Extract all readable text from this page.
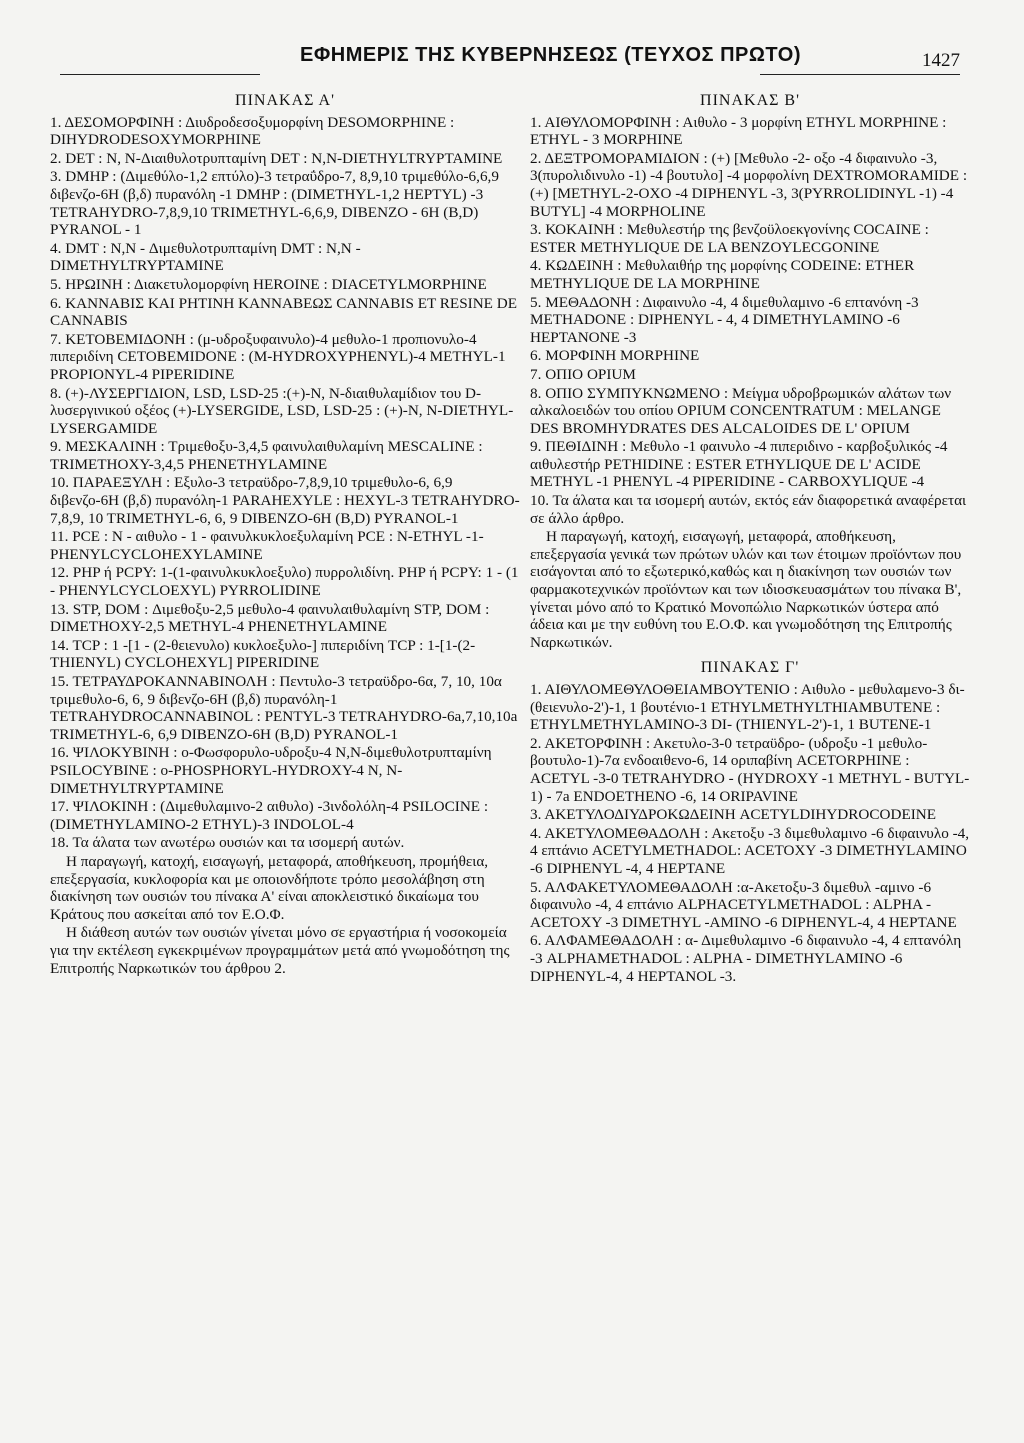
ΕΦΗΜΕΡΙΣ ΤΗΣ ΚΥΒΕΡΝΗΣΕΩΣ (ΤΕΥΧΟΣ ΠΡΩΤΟ)	1427
ΠΙΝΑΚΑΣ Α'

1. ΔΕΣΟΜΟΡΦΙΝΗ : Διυδροδεσοξυμορφίνη DESOMORPHINE : DIHYDRODESOXYMORPHINE

2. DET : N, N-Διαιθυλοτρυπταμίνη DET : N,N-DIETHYLTRYPTAMINE

3. DMHP : (Διμεθύλο-1,2 επτύλο)-3 τετραΰδρο-7, 8,9,10 τριμεθύλο-6,6,9 διβενζο-6Η (β,δ) πυρανόλη -1 DMHP : (DIMETHYL-1,2 HEPTYL) -3 TETRAHYDRO-7,8,9,10 TRIMETHYL-6,6,9, DIBENZO - 6H (B,D) PYRANOL - 1

4. DMT : N,N - Διμεθυλοτρυπταμίνη DMT : N,N - DIMETHYLTRYPTAMINE

5. ΗΡΩΙΝΗ : Διακετυλομορφίνη HEROINE : DIACETYLMORPHINE

6. ΚΑΝΝΑΒΙΣ ΚΑΙ ΡΗΤΙΝΗ ΚΑΝΝΑΒΕΩΣ CANNABIS ET RESINE DE CANNABIS

7. ΚΕΤΟΒΕΜΙΔΟΝΗ : (μ-υδροξυφαινυλο)-4 μεθυλο-1 προπιονυλο-4 πιπεριδίνη CETOBEMIDONE : (M-HYDROXYPHENYL)-4 METHYL-1 PROPIONYL-4 PIPERIDINE

8. (+)-ΛΥΣΕΡΓΙΔΙΟΝ, LSD, LSD-25 :(+)-N, N-διαιθυλαμίδιον του D-λυσεργινικού οξέος (+)-LYSERGIDE, LSD, LSD-25 : (+)-N, N-DIETHYL-LYSERGAMIDE

9. ΜΕΣΚΑΛΙΝΗ : Τριμεθοξυ-3,4,5 φαινυλαιθυλαμίνη MESCALINE : TRIMETHOXY-3,4,5 PHENETHYLAMINE

10. ΠΑΡΑΕΞΥΛΗ : Εξυλο-3 τετραϋδρο-7,8,9,10 τριμεθυλο-6, 6,9 διβενζο-6Η (β,δ) πυρανόλη-1 PARAHEXYLE : HEXYL-3 TETRAHYDRO-7,8,9, 10 TRIMETHYL-6, 6, 9 DIBENZO-6H (B,D) PYRANOL-1

11. PCE : N - αιθυλο - 1 - φαινυλκυκλοεξυλαμίνη PCE : N-ETHYL -1- PHENYLCYCLOHEXYLAMINE

12. PHP ή PCPY: 1-(1-φαινυλκυκλοεξυλο) πυρρολιδίνη. PHP ή PCPY: 1 - (1 - PHENYLCYCLOEXYL) PYRROLIDINE

13. STP, DOM : Διμεθοξυ-2,5 μεθυλο-4 φαινυλαιθυλαμίνη STP, DOM : DIMETHOXY-2,5 METHYL-4 PHENETHYLAMINE

14. TCP : 1 -[1 - (2-θειενυλο) κυκλοεξυλο-] πιπεριδίνη TCP : 1-[1-(2-THIENYL) CYCLOHEXYL] PIPERIDINE

15. ΤΕΤΡΑΥΔΡΟΚΑΝΝΑΒΙΝΟΛΗ : Πεντυλο-3 τετραϋδρο-6α, 7, 10, 10α τριμεθυλο-6, 6, 9 διβενζο-6Η (β,δ) πυρανόλη-1 TETRAHYDROCANNABINOL : PENTYL-3 TETRAHYDRO-6a,7,10,10a TRIMETHYL-6, 6,9 DIBENZO-6H (B,D) PYRANOL-1

16. ΨΙΛΟΚΥΒΙΝΗ : ο-Φωσφορυλο-υδροξυ-4 N,N-διμεθυλοτρυπταμίνη PSILOCYBINE : o-PHOSPHORYL-HYDROXY-4 N, N-DIMETHYLTRYPTAMINE

17. ΨΙΛΟΚΙΝΗ : (Διμεθυλαμινο-2 αιθυλο) -3ινδολόλη-4 PSILOCINE : (DIMETHYLAMINO-2 ETHYL)-3 INDOLOL-4

18. Τα άλατα των ανωτέρω ουσιών και τα ισομερή αυτών.

Η παραγωγή, κατοχή, εισαγωγή, μεταφορά, αποθήκευση, προμήθεια, επεξεργασία, κυκλοφορία και με οποιονδήποτε τρόπο μεσολάβηση στη διακίνηση των ουσιών του πίνακα Α' είναι αποκλειστικό δικαίωμα του Κράτους που ασκείται από τον Ε.Ο.Φ.

Η διάθεση αυτών των ουσιών γίνεται μόνο σε εργαστήρια ή νοσοκομεία για την εκτέλεση εγκεκριμένων προγραμμάτων μετά από γνωμοδότηση της Επιτροπής Ναρκωτικών του άρθρου 2.

ΠΙΝΑΚΑΣ Β'

1. ΑΙΘΥΛΟΜΟΡΦΙΝΗ : Αιθυλο - 3 μορφίνη ETHYL MORPHINE : ETHYL - 3 MORPHINE

2. ΔΕΞΤΡΟΜΟΡΑΜΙΔΙΟΝ : (+) [Μεθυλο -2- οξο -4 διφαινυλο -3, 3(πυρολιδινυλο -1) -4 βουτυλο] -4 μορφολίνη DEXTROMORAMIDE : (+) [METHYL-2-OXO -4 DIPHENYL -3, 3(PYRROLIDINYL -1) -4 BUTYL] -4 MORPHOLINE

3. ΚΟΚΑΙΝΗ : Μεθυλεστήρ της βενζοϋλοεκγονίνης COCAINE : ESTER METHYLIQUE DE LA BENZOYLECGONINE

4. ΚΩΔΕΙΝΗ : Μεθυλαιθήρ της μορφίνης CODEINE: ETHER METHYLIQUE DE LA MORPHINE

5. ΜΕΘΑΔΟΝΗ : Διφαινυλο -4, 4 διμεθυλαμινο -6 επτανόνη -3 METHADONE : DIPHENYL - 4, 4 DIMETHYLAMINO -6 HEPTANONE -3

6. ΜΟΡΦΙΝΗ MORPHINE

7. ΟΠΙΟ OPIUM

8. ΟΠΙΟ ΣΥΜΠΥΚΝΩΜΕΝΟ : Μείγμα υδροβρωμικών αλάτων των αλκαλοειδών του οπίου OPIUM CONCENTRATUM : MELANGE DES BROMHYDRATES DES ALCALOIDES DE L' OPIUM

9. ΠΕΘΙΔΙΝΗ : Μεθυλο -1 φαινυλο -4 πιπεριδινο - καρβοξυλικός -4 αιθυλεστήρ PETHIDINE : ESTER ETHYLIQUE DE L' ACIDE METHYL -1 PHENYL -4 PIPERIDINE - CARBOXYLIQUE -4

10. Τα άλατα και τα ισομερή αυτών, εκτός εάν διαφορετικά αναφέρεται σε άλλο άρθρο.

Η παραγωγή, κατοχή, εισαγωγή, μεταφορά, αποθήκευση, επεξεργασία γενικά των πρώτων υλών και των έτοιμων προϊόντων που εισάγονται από το εξωτερικό,καθώς και η διακίνηση των ουσιών των φαρμακοτεχνικών προϊόντων και των ιδιοσκευασμάτων του πίνακα Β', γίνεται μόνο από το Κρατικό Μονοπώλιο Ναρκωτικών ύστερα από άδεια και με την ευθύνη του Ε.Ο.Φ. και γνωμοδότηση της Επιτροπής Ναρκωτικών.

ΠΙΝΑΚΑΣ Γ'

1. ΑΙΘΥΛΟΜΕΘΥΛΟΘΕΙΑΜΒΟΥΤΕΝΙΟ : Αιθυλο - μεθυλαμενο-3 δι-(θειενυλο-2')-1, 1 βουτένιο-1 ETHYLMETHYLTHIAMBUTENE : ETHYLMETHYLAMINO-3 DI- (THIENYL-2')-1, 1 BUTENE-1

2. ΑΚΕΤΟΡΦΙΝΗ : Ακετυλο-3-0 τετραϋδρο- (υδροξυ -1 μεθυλο-βουτυλο-1)-7α ενδοαιθενο-6, 14 οριπαβίνη ACETORPHINE : ACETYL -3-0 TETRAHYDRO - (HYDROXY -1 METHYL - BUTYL-1) - 7a ENDOETHENO -6, 14 ORIPAVINE

3. ΑΚΕΤΥΛΟΔΙΥΔΡΟΚΩΔΕΙΝΗ ACETYLDIHYDROCODEINE

4. ΑΚΕΤΥΛΟΜΕΘΑΔΟΛΗ : Ακετοξυ -3 διμεθυλαμινο -6 διφαινυλο -4, 4 επτάνιο ACETYLMETHADOL: ACETOXY -3 DIMETHYLAMINO -6 DIPHENYL -4, 4 HEPTANE

5. ΑΛΦΑΚΕΤΥΛΟΜΕΘΑΔΟΛΗ :α-Ακετοξυ-3 διμεθυλ -αμινο -6 διφαινυλο -4, 4 επτάνιο ALPHACETYLMETHADOL : ALPHA - ACETOXY -3 DIMETHYL -AMINO -6 DIPHENYL-4, 4 HEPTANE

6. ΑΛΦΑΜΕΘΑΔΟΛΗ : α- Διμεθυλαμινο -6 διφαινυλο -4, 4 επτανόλη -3 ALPHAMETHADOL : ALPHA - DIMETHYLAMINO -6 DIPHENYL-4, 4 HEPTANOL -3.
